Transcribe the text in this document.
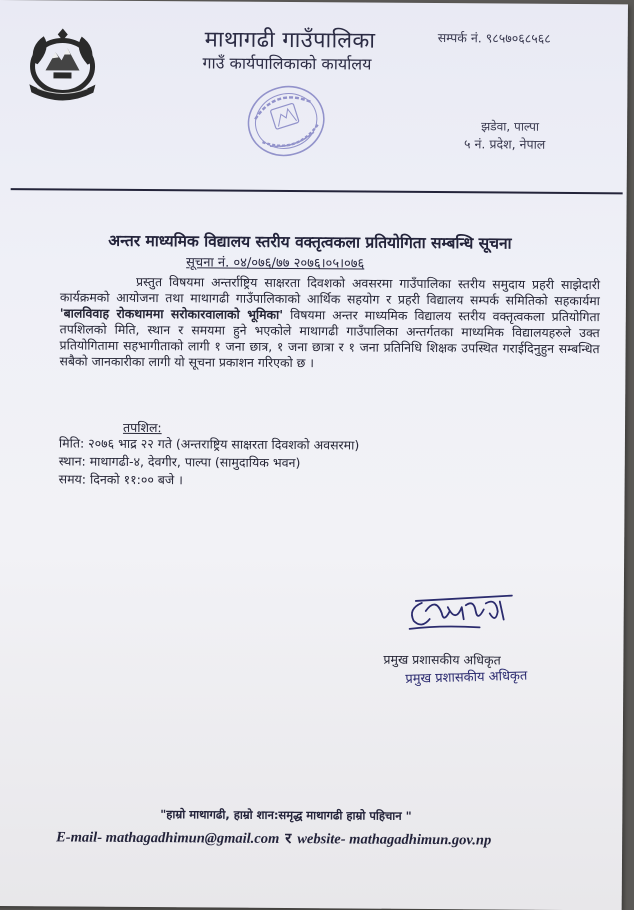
माथागढी गाउँपालिका
गाउँ कार्यपालिकाको कार्यालय
सम्पर्क नं. ९८५७०६८५६८
झडेवा, पाल्पा
५ नं. प्रदेश, नेपाल
अन्तर माध्यमिक विद्यालय स्तरीय वक्तृत्वकला प्रतियोगिता सम्बन्धि सूचना
सूचना नं. ०४/०७६/७७ २०७६।०५।०७६
प्रस्तुत विषयमा अन्तर्राष्ट्रिय साक्षरता दिवशको अवसरमा गाउँपालिका स्तरीय समुदाय प्रहरी साझेदारी कार्यक्रमको आयोजना तथा माथागढी गाउँपालिकाको आर्थिक सहयोग र प्रहरी विद्यालय सम्पर्क समितिको सहकार्यमा 'बालविवाह रोकथाममा सरोकारवालाको भूमिका' विषयमा अन्तर माध्यमिक विद्यालय स्तरीय वक्तृत्वकला प्रतियोगिता तपशिलको मिति, स्थान र समयमा हुने भएकोले माथागढी गाउँपालिका अन्तर्गतका माध्यमिक विद्यालयहरुले उक्त प्रतियोगितामा सहभागीताको लागी १ जना छात्र, १ जना छात्रा र १ जना प्रतिनिधि शिक्षक उपस्थित गराईदिनुहुन सम्बन्धित सबैको जानकारीका लागी यो सूचना प्रकाशन गरिएको छ ।
तपशिल:
मिति: २०७६ भाद्र २२ गते (अन्तराष्ट्रिय साक्षरता दिवशको अवसरमा)
स्थान: माथागढी-४, देवगीर, पाल्पा (सामुदायिक भवन)
समय: दिनको ११:०० बजे ।
प्रमुख प्रशासकीय अधिकृत
प्रमुख प्रशासकीय अधिकृत
"हाम्रो माथागढी, हाम्रो शान:समृद्ध माथागढी हाम्रो पहिचान "
E-mail- mathagadhimun@gmail.com र website- mathagadhimun.gov.np
